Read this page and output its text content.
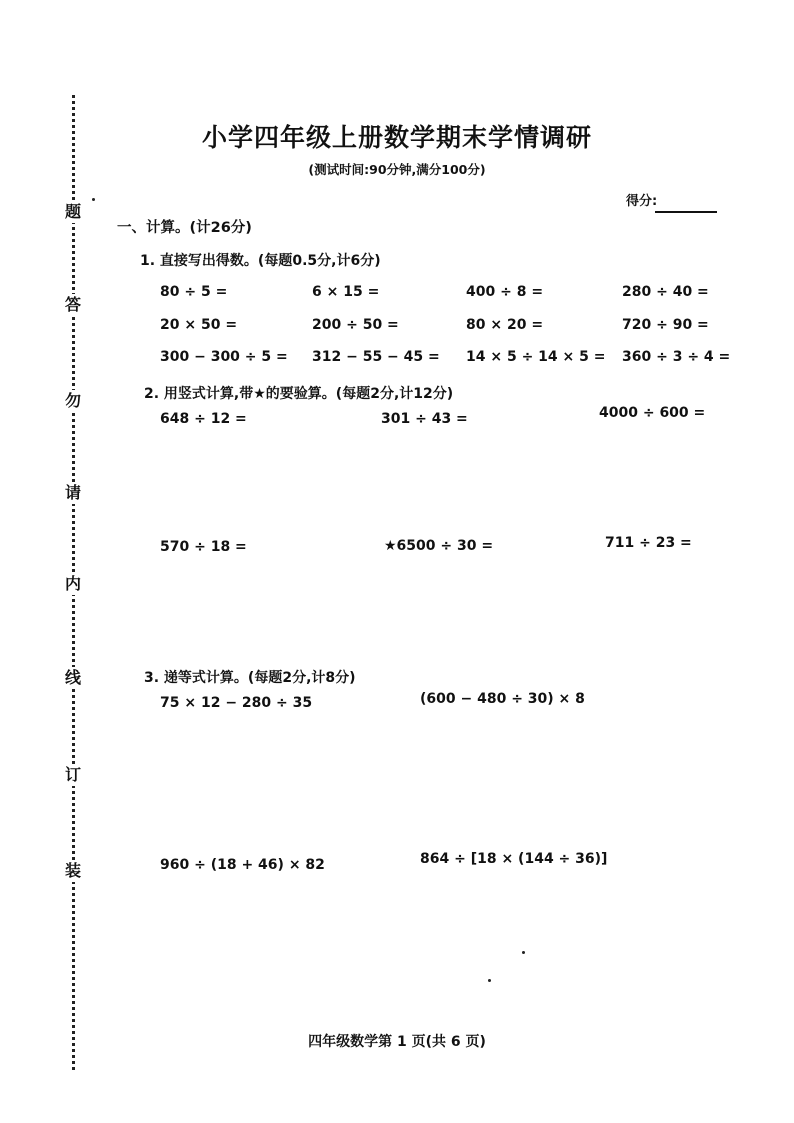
装
订
线
内
请
勿
答
题
小学四年级上册数学期末学情调研
(测试时间:90分钟,满分100分)
得分:
一、计算。(计26分)
1. 直接写出得数。(每题0.5分,计6分)
80 ÷ 5 =	6 × 15 =	400 ÷ 8 =	280 ÷ 40 =
20 × 50 =	200 ÷ 50 =	80 × 20 =	720 ÷ 90 =
300 − 300 ÷ 5 = 312 − 55 − 45 = 14 × 5 ÷ 14 × 5 = 360 ÷ 3 ÷ 4 =
2. 用竖式计算,带★的要验算。(每题2分,计12分)
648 ÷ 12 =	301 ÷ 43 =	4000 ÷ 600 =
570 ÷ 18 =	★6500 ÷ 30 =	711 ÷ 23 =
3. 递等式计算。(每题2分,计8分)
75 × 12 − 280 ÷ 35	(600 − 480 ÷ 30) × 8
960 ÷ (18 + 46) × 82	864 ÷ [18 × (144 ÷ 36)]
四年级数学第 1 页(共 6 页)
